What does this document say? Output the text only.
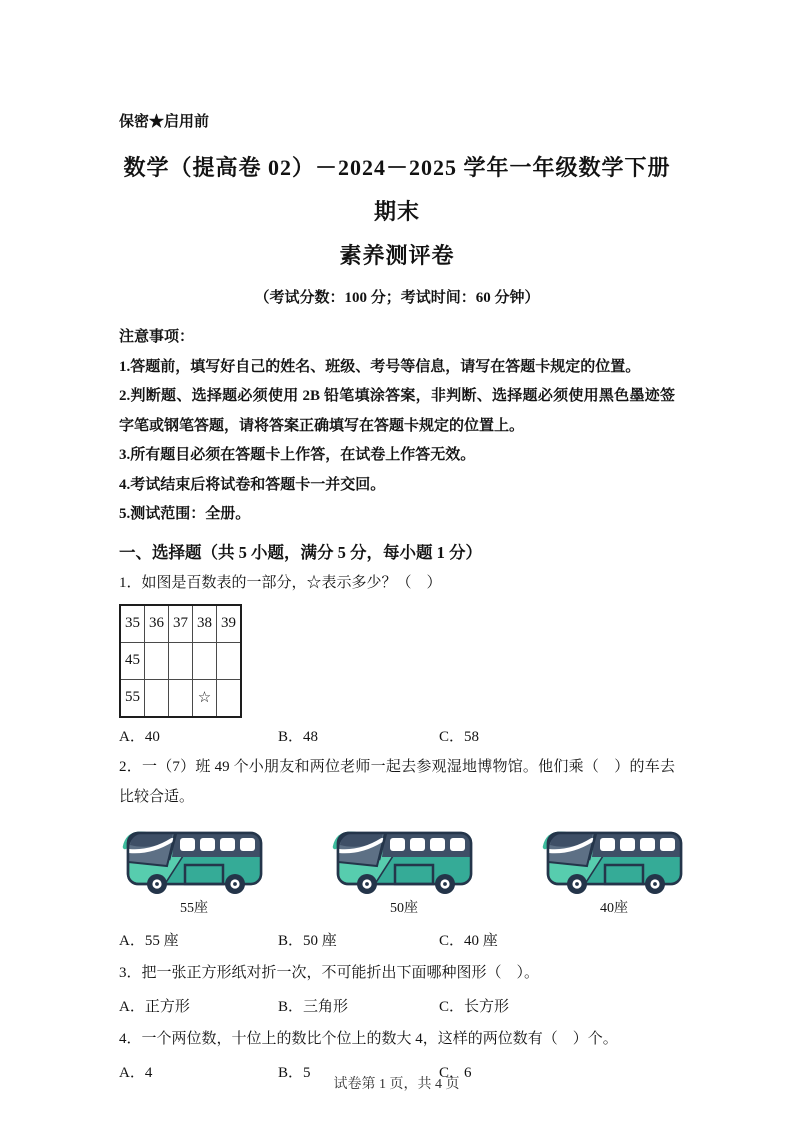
保密★启用前

数学（提高卷 02）－2024－2025 学年一年级数学下册期末
素养测评卷

（考试分数：100 分；考试时间：60 分钟）

注意事项：

1.答题前，填写好自己的姓名、班级、考号等信息，请写在答题卡规定的位置。

2.判断题、选择题必须使用 2B 铅笔填涂答案，非判断、选择题必须使用黑色墨迹签字笔或钢笔答题，请将答案正确填写在答题卡规定的位置上。

3.所有题目必须在答题卡上作答，在试卷上作答无效。

4.考试结束后将试卷和答题卡一并交回。

5.测试范围：全册。

一、选择题（共 5 小题，满分 5 分，每小题 1 分）

1．如图是百数表的一部分，☆表示多少？（　）

35	36	37	38	39
45				
55			☆	
A．40	B．48	C．58

2．一（7）班 49 个小朋友和两位老师一起去参观湿地博物馆。他们乘（　）的车去比较合适。

55座	50座	40座
A．55 座	B．50 座	C．40 座

3．把一张正方形纸对折一次，不可能折出下面哪种图形（　）。

A．正方形	B．三角形	C．长方形

4．一个两位数，十位上的数比个位上的数大 4，这样的两位数有（　）个。

A．4	B．5	C．6

试卷第 1 页，共 4 页
